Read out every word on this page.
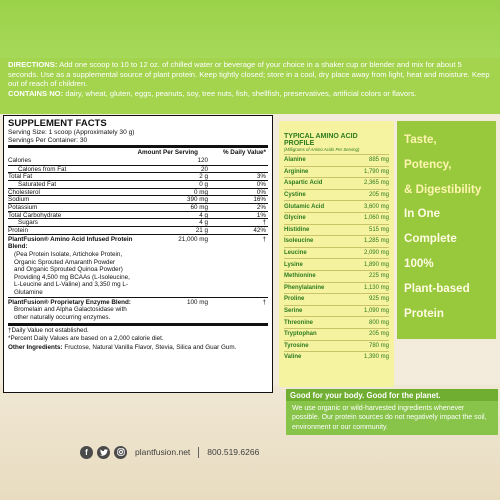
DIRECTIONS: Add one scoop to 10 to 12 oz. of chilled water or beverage of your choice in a shaker cup or blender and mix for about 5 seconds. Use as a supplemental source of plant protein. Keep tightly closed; store in a cool, dry place away from light, heat and moisture. Keep out of reach of children.
CONTAINS NO: dairy, wheat, gluten, eggs, peanuts, soy, tree nuts, fish, shellfish, preservatives, artificial colors or flavors.
SUPPLEMENT FACTS
Serving Size: 1 scoop (Approximately 30 g)
Servings Per Container: 30
Amount Per Serving	% Daily Value*
Calories	120
Calories from Fat	20
Total Fat	2 g	3%
Saturated Fat	0 g	0%
Cholesterol	0 mg	0%
Sodium	390 mg	16%
Potassium	60 mg	2%
Total Carbohydrate	4 g	1%
Sugars	4 g	†
Protein	21 g	42%
PlantFusion® Amino Acid Infused Protein Blend:
(Pea Protein Isolate, Artichoke Protein,
Organic Sprouted Amaranth Powder
and Organic Sprouted Quinoa Powder)
Providing 4,500 mg BCAAs (L-Isoleucine,
L-Leucine and L-Valine) and 3,350 mg L-Glutamine
21,000 mg	†
PlantFusion® Proprietary Enzyme Blend:
Bromelain and Alpha Galactosidase with
other naturally occurring enzymes.
100 mg	†
†Daily Value not established.
*Percent Daily Values are based on a 2,000 calorie diet.
Other Ingredients: Fructose, Natural Vanilla Flavor, Stevia, Silica and Guar Gum.
TYPICAL AMINO ACID PROFILE
(Milligrams of Amino Acids Per Serving)
Alanine	885 mg
Arginine	1,790 mg
Aspartic Acid	2,365 mg
Cystine	205 mg
Glutamic Acid	3,600 mg
Glycine	1,060 mg
Histidine	515 mg
Isoleucine	1,285 mg
Leucine	2,090 mg
Lysine	1,890 mg
Methionine	225 mg
Phenylalanine	1,130 mg
Proline	925 mg
Serine	1,090 mg
Threonine	800 mg
Tryptophan	205 mg
Tyrosine	780 mg
Valine	1,390 mg
Taste,
Potency,
& Digestibility
In One
Complete
100%
Plant-based
Protein
Good for your body. Good for the planet.
We use organic or wild-harvested ingredients whenever possible. Our protein sources do not negatively impact the soil, environment or our community.
f	plantfusion.net 800.519.6266
